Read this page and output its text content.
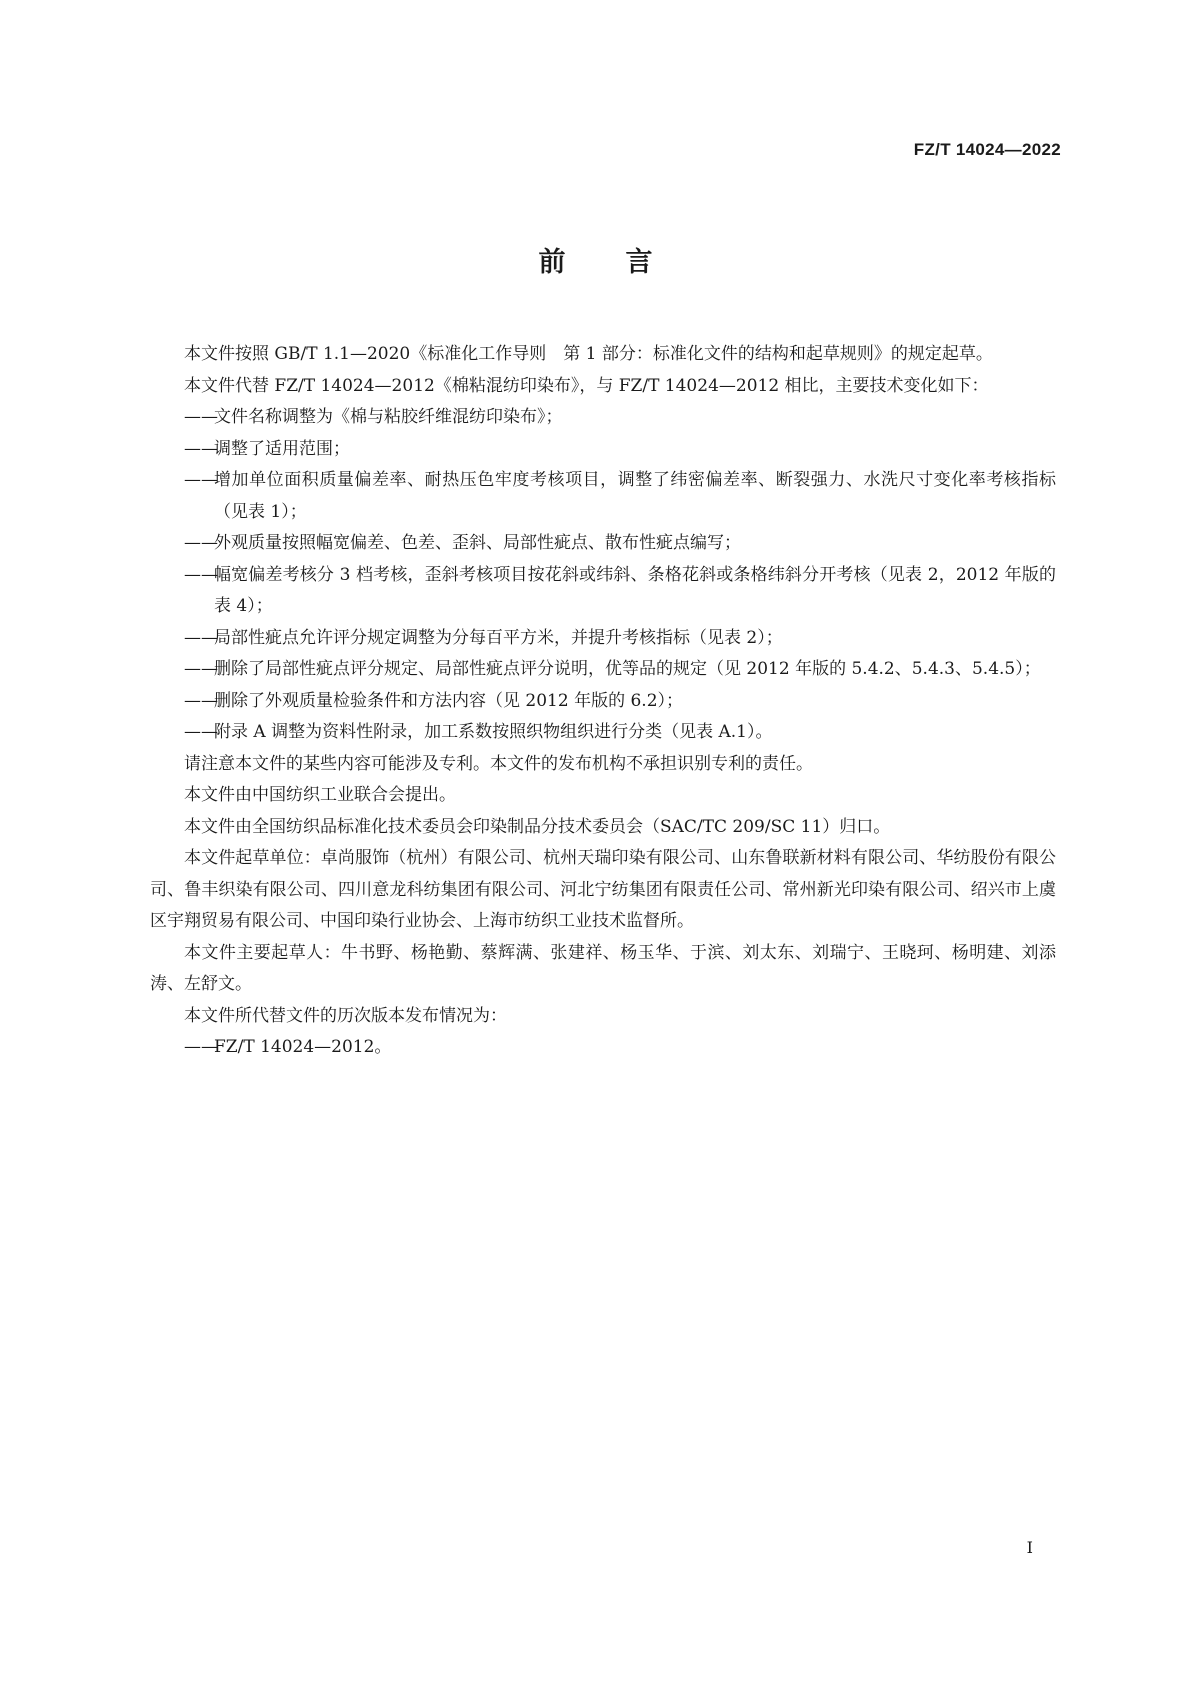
FZ/T 14024—2022
前言

本文件按照 GB/T 1.1—2020《标准化工作导则　第 1 部分：标准化文件的结构和起草规则》的规定起草。

本文件代替 FZ/T 14024—2012《棉粘混纺印染布》，与 FZ/T 14024—2012 相比，主要技术变化如下：

——
文件名称调整为《棉与粘胶纤维混纺印染布》；

——
调整了适用范围；

——
增加单位面积质量偏差率、耐热压色牢度考核项目，调整了纬密偏差率、断裂强力、水洗尺寸变化率考核指标（见表 1）；

——
外观质量按照幅宽偏差、色差、歪斜、局部性疵点、散布性疵点编写；

——
幅宽偏差考核分 3 档考核，歪斜考核项目按花斜或纬斜、条格花斜或条格纬斜分开考核（见表 2，2012 年版的表 4）；

——
局部性疵点允许评分规定调整为分每百平方米，并提升考核指标（见表 2）；

——
删除了局部性疵点评分规定、局部性疵点评分说明，优等品的规定（见 2012 年版的 5.4.2、5.4.3、5.4.5）；

——
删除了外观质量检验条件和方法内容（见 2012 年版的 6.2）；

——
附录 A 调整为资料性附录，加工系数按照织物组织进行分类（见表 A.1）。

请注意本文件的某些内容可能涉及专利。本文件的发布机构不承担识别专利的责任。

本文件由中国纺织工业联合会提出。

本文件由全国纺织品标准化技术委员会印染制品分技术委员会（SAC/TC 209/SC 11）归口。

本文件起草单位：卓尚服饰（杭州）有限公司、杭州天瑞印染有限公司、山东鲁联新材料有限公司、华纺股份有限公司、鲁丰织染有限公司、四川意龙科纺集团有限公司、河北宁纺集团有限责任公司、常州新光印染有限公司、绍兴市上虞区宇翔贸易有限公司、中国印染行业协会、上海市纺织工业技术监督所。

本文件主要起草人：牛书野、杨艳勤、蔡辉满、张建祥、杨玉华、于滨、刘太东、刘瑞宁、王晓珂、杨明建、刘添涛、左舒文。

本文件所代替文件的历次版本发布情况为：

——
FZ/T 14024—2012。

I
